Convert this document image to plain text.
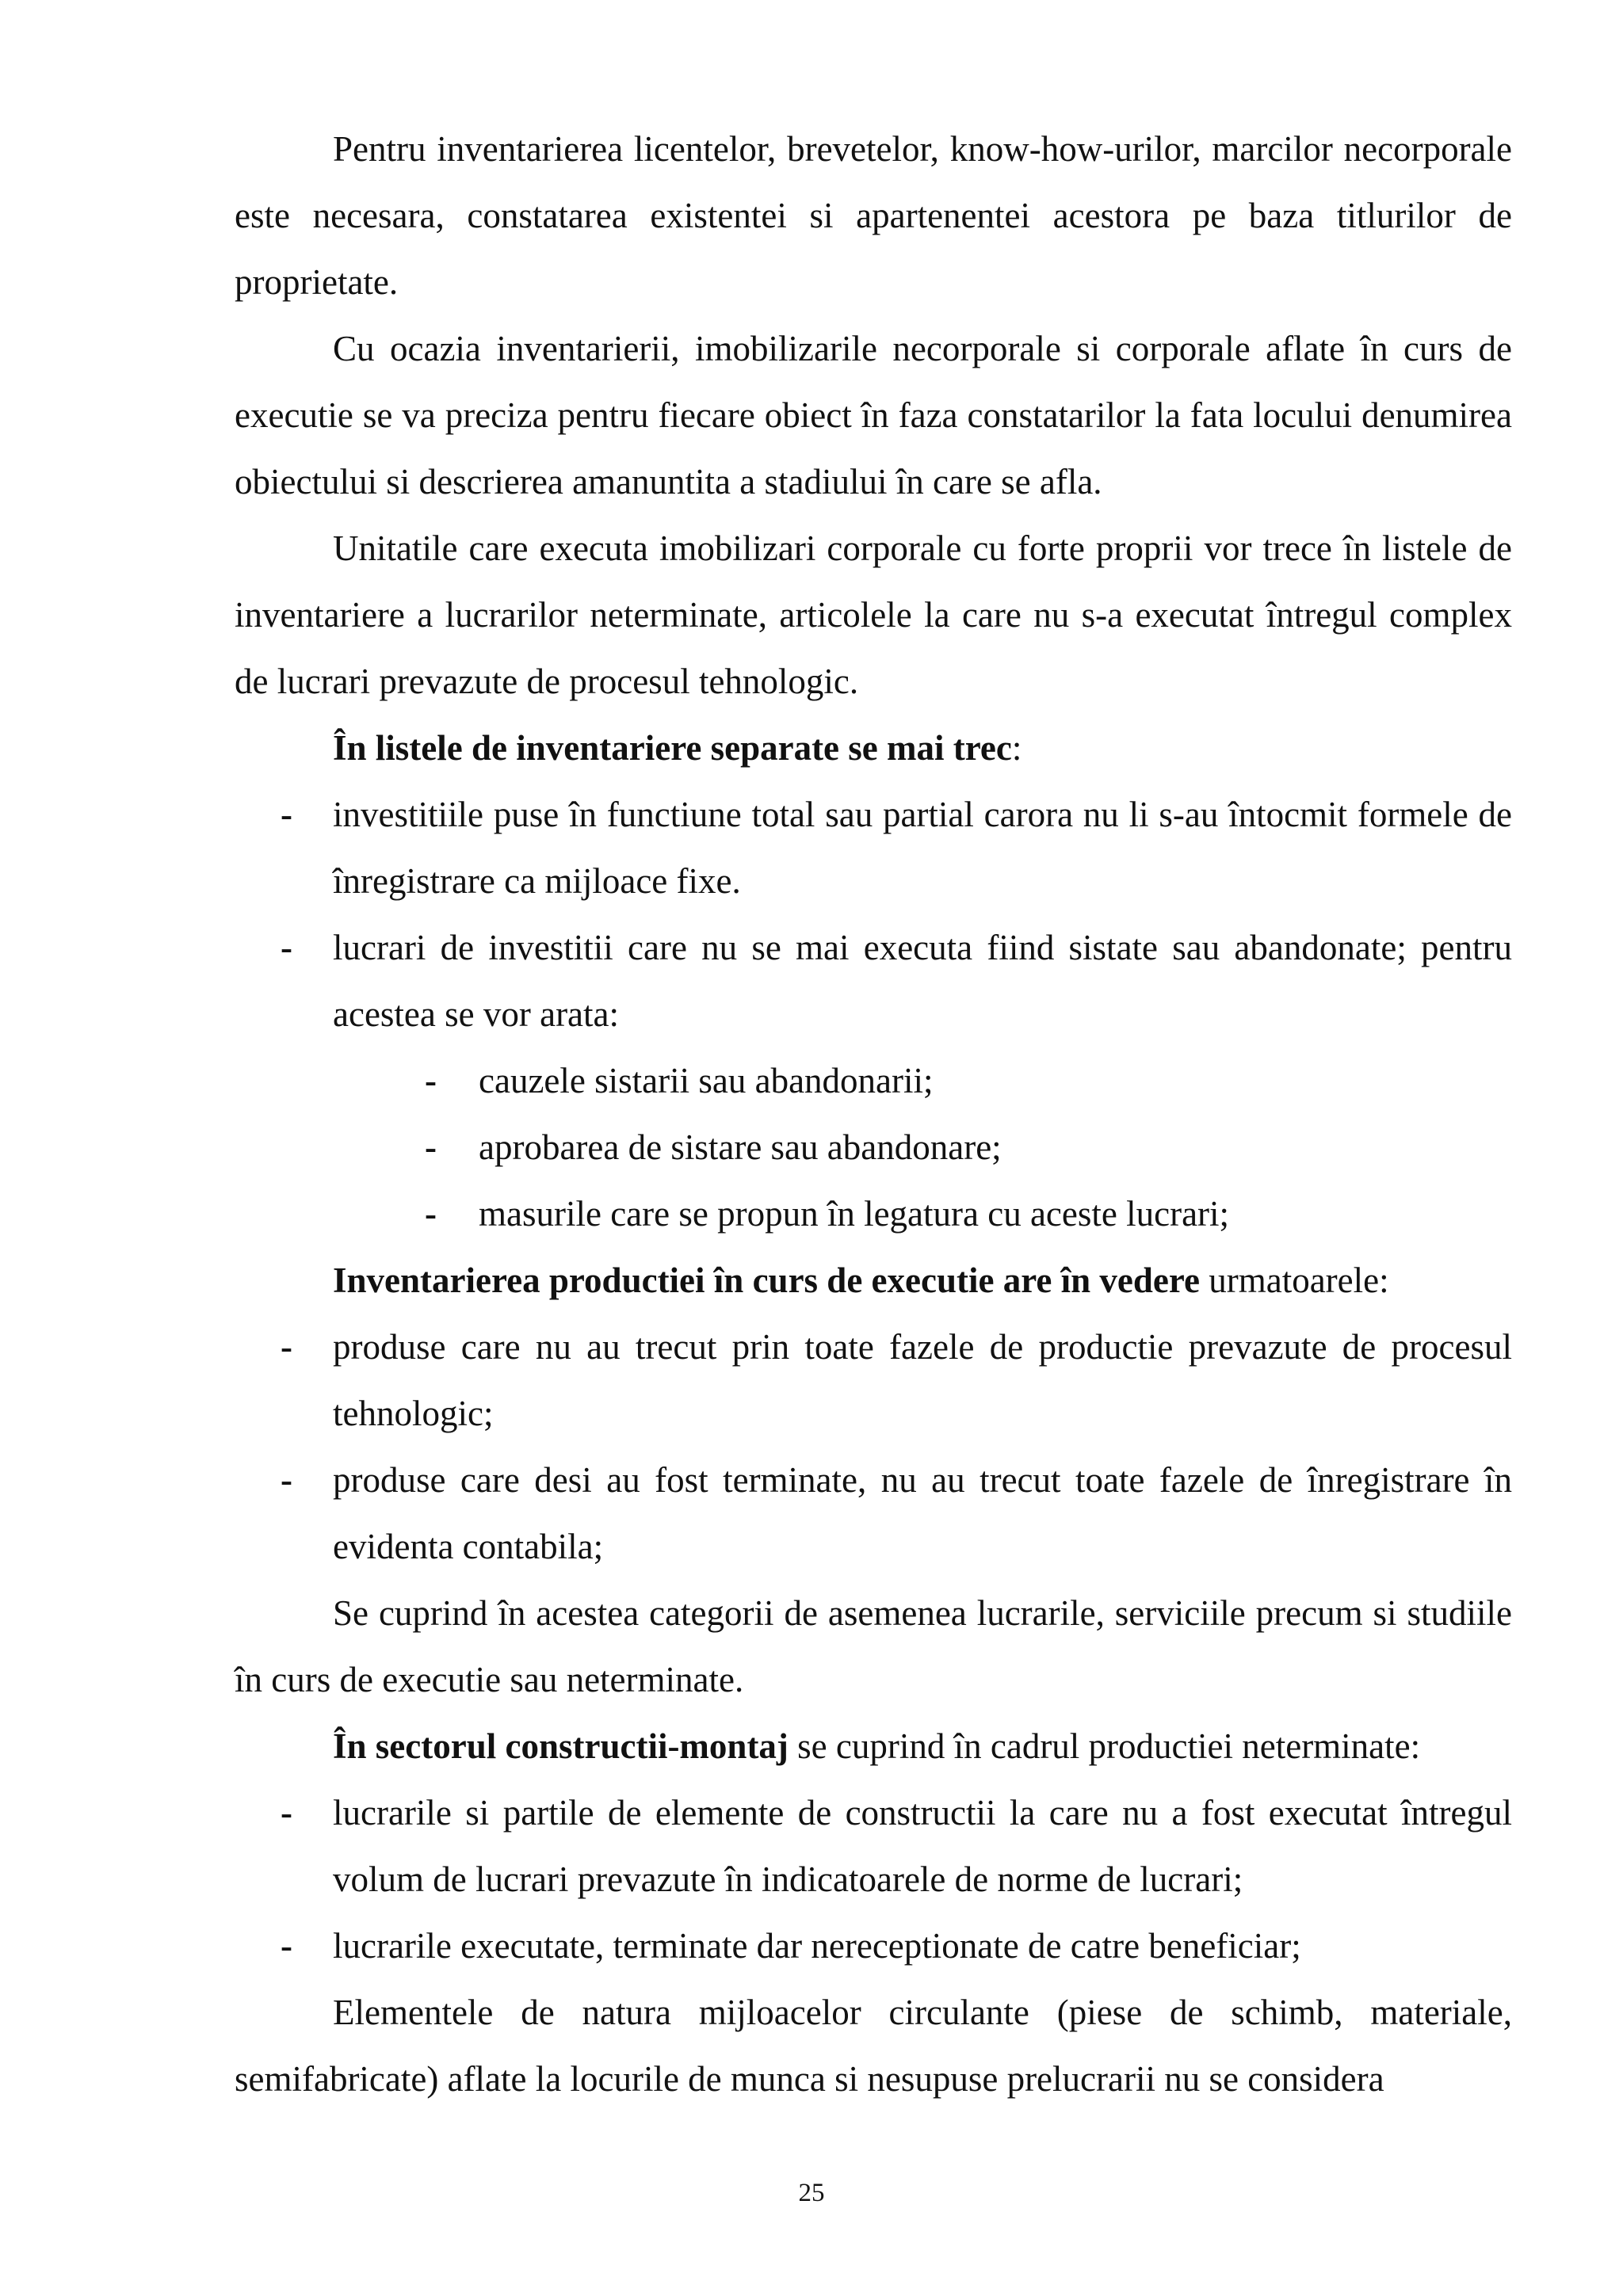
Pentru inventarierea licentelor, brevetelor, know-how-urilor, marcilor necorporale este necesara, constatarea existentei si apartenentei acestora pe baza titlurilor de proprietate.

Cu ocazia inventarierii, imobilizarile necorporale si corporale aflate în curs de executie se va preciza pentru fiecare obiect în faza constatarilor la fata locului denumirea obiectului si descrierea amanuntita a stadiului în care se afla.

Unitatile care executa imobilizari corporale cu forte proprii vor trece în listele de inventariere a lucrarilor neterminate, articolele la care nu s-a executat întregul complex de lucrari prevazute de procesul tehnologic.

În listele de inventariere separate se mai trec:

- investitiile puse în functiune total sau partial carora nu li s-au întocmit formele de înregistrare ca mijloace fixe.
- lucrari de investitii care nu se mai executa fiind sistate sau abandonate; pentru acestea se vor arata:
- cauzele sistarii sau abandonarii;
- aprobarea de sistare sau abandonare;
- masurile care se propun în legatura cu aceste lucrari;

Inventarierea productiei în curs de executie are în vedere urmatoarele:

- produse care nu au trecut prin toate fazele de productie prevazute de procesul tehnologic;
- produse care desi au fost terminate, nu au trecut toate fazele de înregistrare în evidenta contabila;

Se cuprind în acestea categorii de asemenea lucrarile, serviciile precum si studiile în curs de executie sau neterminate.

În sectorul constructii-montaj se cuprind în cadrul productiei neterminate:

- lucrarile si partile de elemente de constructii la care nu a fost executat întregul volum de lucrari prevazute în indicatoarele de norme de lucrari;
- lucrarile executate, terminate dar nereceptionate de catre beneficiar;

Elementele de natura mijloacelor circulante (piese de schimb, materiale, semifabricate) aflate la locurile de munca si nesupuse prelucrarii nu se considera

25
